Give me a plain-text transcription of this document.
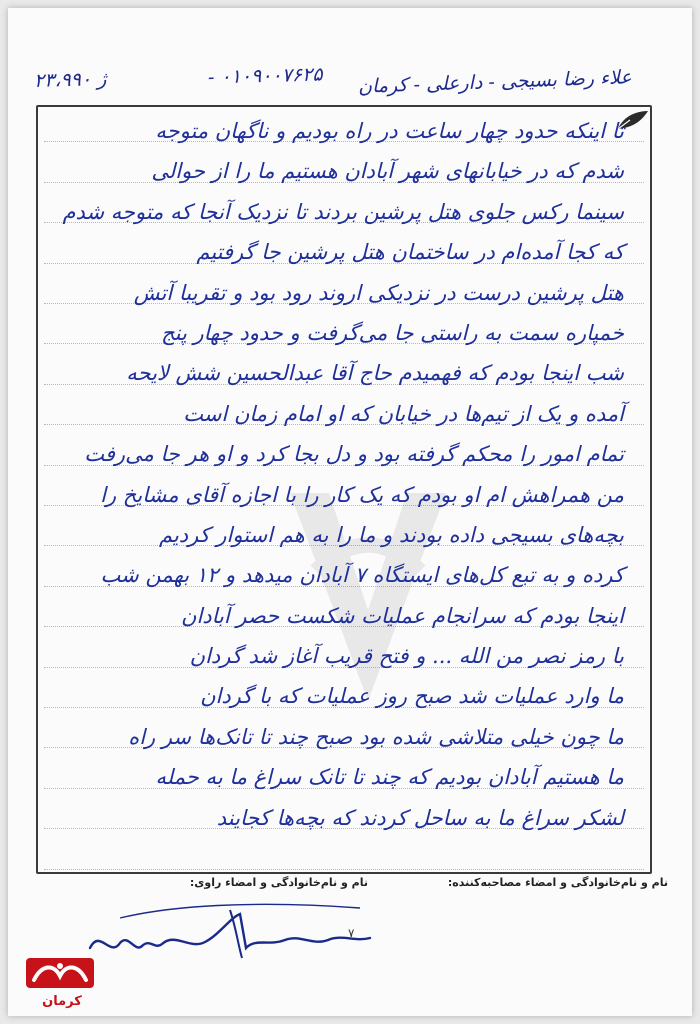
ژ ۲۳،۹۹۰	- ۰۱۰۹۰۰۷۶۲۵ علاء رضا بسیجی - دارعلی - کرمان
تا اینکه حدود چهار ساعت در راه بودیم و ناگهان متوجه
شدم که در خیابانهای شهر آبادان هستیم ما را از حوالی
سینما رکس جلوی هتل پرشین بردند تا نزدیک آنجا که متوجه شدم
که کجا آمده‌ام در ساختمان هتل پرشین جا گرفتیم
هتل پرشین درست در نزدیکی اروند رود بود و تقریبا آتش
خمپاره سمت به راستی جا می‌گرفت و حدود چهار پنج
شب اینجا بودم که فهمیدم حاج آقا عبدالحسین شش لایحه
آمده و یک از تیم‌ها در خیابان که او امام زمان است
تمام امور را محکم گرفته بود و دل بجا کرد و او هر جا می‌رفت
من همراهش ام او بودم که یک کار را با اجازه آقای مشایخ را
بچه‌های بسیجی داده بودند و ما را به هم استوار کردیم
کرده و به تبع کل‌های ایستگاه ۷ آبادان میدهد و ۱۲ بهمن شب
اینجا بودم که سرانجام عملیات شکست حصر آبادان
با رمز نصر من الله ... و فتح قریب آغاز شد گردان
ما وارد عملیات شد صبح روز عملیات که با گردان
ما چون خیلی متلاشی شده بود صبح چند تا تانک‌ها سر راه
ما هستیم آبادان بودیم که چند تا تانک سراغ ما به حمله
لشکر سراغ ما به ساحل کردند که بچه‌ها کجایند
نام و نام‌خانوادگی و امضاء مصاحبه‌کننده:
نام و نام‌خانوادگی و امضاء راوی:
۷
کرمان
